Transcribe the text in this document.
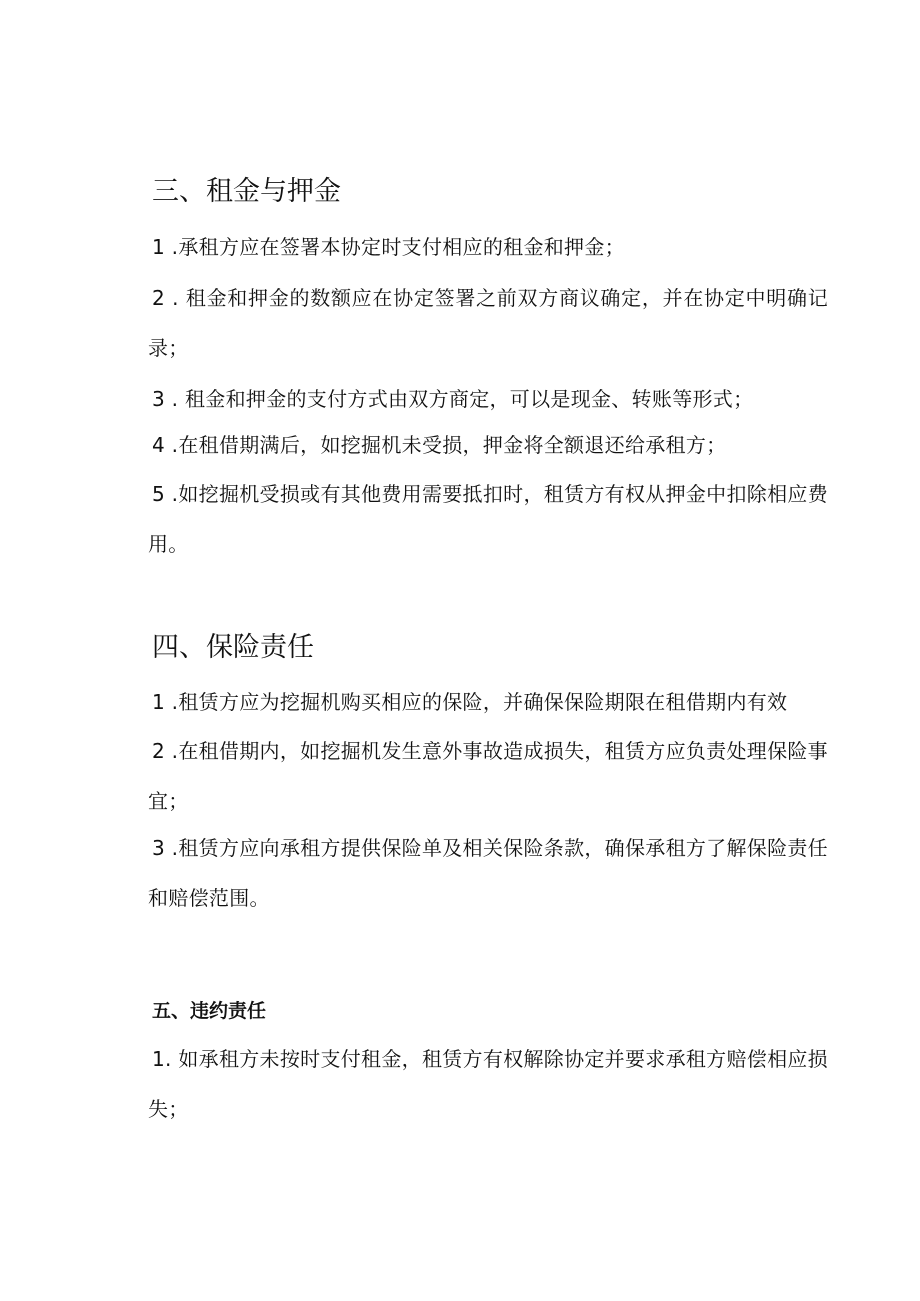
三、租金与押金

1 .承租方应在签署本协定时支付相应的租金和押金；

2 . 租金和押金的数额应在协定签署之前双方商议确定，并在协定中明确记录；

3 . 租金和押金的支付方式由双方商定，可以是现金、转账等形式；

4 .在租借期满后，如挖掘机未受损，押金将全额退还给承租方；

5 .如挖掘机受损或有其他费用需要抵扣时，租赁方有权从押金中扣除相应费用。

四、保险责任

1 .租赁方应为挖掘机购买相应的保险，并确保保险期限在租借期内有效

2 .在租借期内，如挖掘机发生意外事故造成损失，租赁方应负责处理保险事宜；

3 .租赁方应向承租方提供保险单及相关保险条款，确保承租方了解保险责任和赔偿范围。

五、违约责任

1. 如承租方未按时支付租金，租赁方有权解除协定并要求承租方赔偿相应损失；
